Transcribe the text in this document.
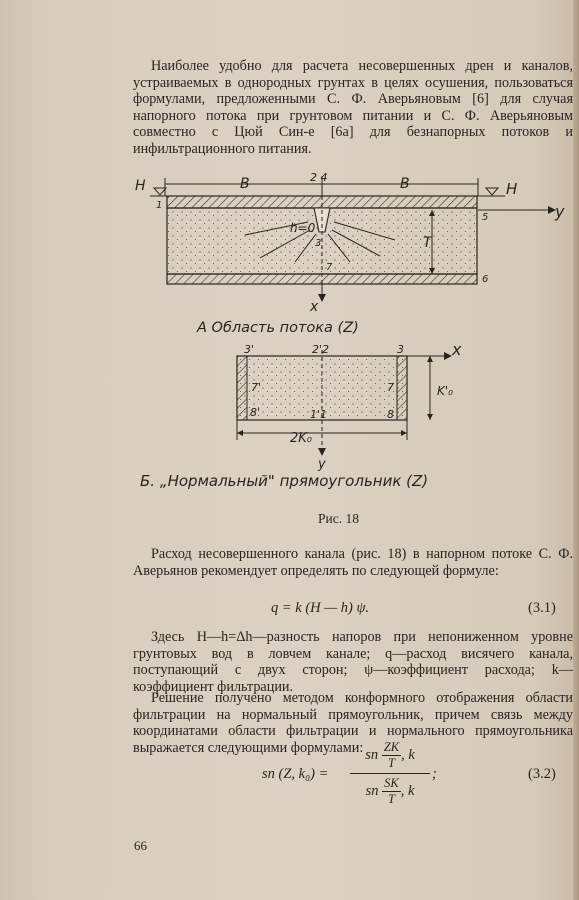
Наиболее удобно для расчета несовершенных дрен и каналов, устраиваемых в однородных грунтах в целях осушения, пользоваться формулами, предложенными С. Ф. Аверьяновым [6] для случая напорного потока при грунтовом питании и С. Ф. Аверьяновым совместно с Цюй Син-е [6а] для безнапорных потоков и инфильтрационного питания.

H	H
B	B
2 4
h=0
T
y
x
1
3
5
6
7
А Область потока (Z)
3'	2'2	3	x
7'	7
8'	1'1	8
K'₀
2K₀
y
Б. „Нормальный" прямоугольник (Z)
Рис. 18

Расход несовершенного канала (рис. 18) в напорном потоке С. Ф. Аверьянов рекомендует определять по следующей формуле:

q = k (H — h) ψ.	(3.1)

Здесь H—h=Δh—разность напоров при непониженном уровне грунтовых вод в ловчем канале; q—расход висячего канала, поступающий с двух сторон; ψ—коэффициент расхода; k—коэффициент фильтрации.

Решение получено методом конформного отображения области фильтрации на нормальный прямоугольник, причем связь между координатами области фильтрации и нормального прямоугольника выражается следующими формулами:

sn (Z, k₀) =
sn $\frac{ZK}{T}$ , k
sn $\frac{SK}{T}$ , k
;	(3.2)
66
